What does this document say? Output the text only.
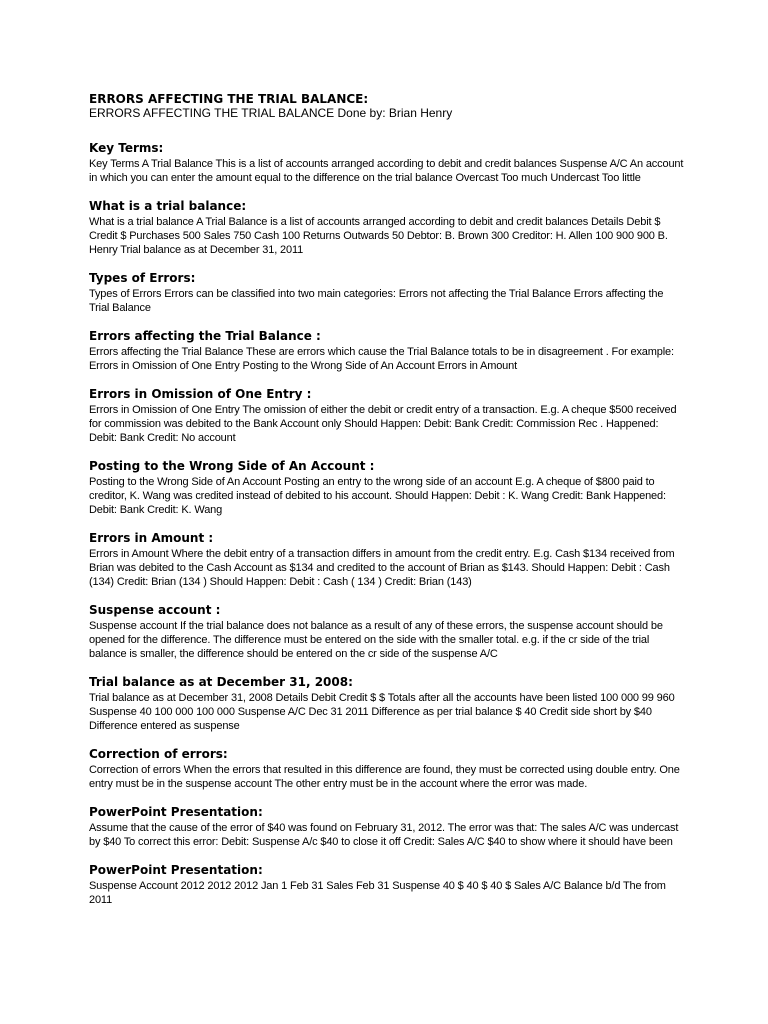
ERRORS AFFECTING THE TRIAL BALANCE:
ERRORS AFFECTING THE TRIAL BALANCE Done by: Brian Henry
Key Terms:

Key Terms A Trial Balance This is a list of accounts arranged according to debit and credit balances Suspense A/C An account in which you can enter the amount equal to the difference on the trial balance Overcast Too much Undercast Too little

What is a trial balance:

What is a trial balance A Trial Balance is a list of accounts arranged according to debit and credit balances Details Debit $ Credit $ Purchases 500 Sales 750 Cash 100 Returns Outwards 50 Debtor: B. Brown 300 Creditor: H. Allen 100 900 900 B. Henry Trial balance as at December 31, 2011

Types of Errors:

Types of Errors Errors can be classified into two main categories: Errors not affecting the Trial Balance Errors affecting the Trial Balance

Errors affecting the Trial Balance :

Errors affecting the Trial Balance These are errors which cause the Trial Balance totals to be in disagreement . For example: Errors in Omission of One Entry Posting to the Wrong Side of An Account Errors in Amount

Errors in Omission of One Entry :

Errors in Omission of One Entry The omission of either the debit or credit entry of a transaction. E.g. A cheque $500 received for commission was debited to the Bank Account only Should Happen: Debit: Bank Credit: Commission Rec . Happened: Debit: Bank Credit: No account

Posting to the Wrong Side of An Account :

Posting to the Wrong Side of An Account Posting an entry to the wrong side of an account E.g. A cheque of $800 paid to creditor, K. Wang was credited instead of debited to his account. Should Happen: Debit : K. Wang Credit: Bank Happened: Debit: Bank Credit: K. Wang

Errors in Amount :

Errors in Amount Where the debit entry of a transaction differs in amount from the credit entry. E.g. Cash $134 received from Brian was debited to the Cash Account as $134 and credited to the account of Brian as $143. Should Happen: Debit : Cash (134) Credit: Brian (134 ) Should Happen: Debit : Cash ( 134 ) Credit: Brian (143)

Suspense account :

Suspense account If the trial balance does not balance as a result of any of these errors, the suspense account should be opened for the difference. The difference must be entered on the side with the smaller total. e.g. if the cr side of the trial balance is smaller, the difference should be entered on the cr side of the suspense A/C

Trial balance as at December 31, 2008:

Trial balance as at December 31, 2008 Details Debit Credit $ $ Totals after all the accounts have been listed 100 000 99 960 Suspense 40 100 000 100 000 Suspense A/C Dec 31 2011 Difference as per trial balance $ 40 Credit side short by $40 Difference entered as suspense

Correction of errors:

Correction of errors When the errors that resulted in this difference are found, they must be corrected using double entry. One entry must be in the suspense account The other entry must be in the account where the error was made.

PowerPoint Presentation:

Assume that the cause of the error of $40 was found on February 31, 2012. The error was that: The sales A/C was undercast by $40 To correct this error: Debit: Suspense A/c $40 to close it off Credit: Sales A/C $40 to show where it should have been

PowerPoint Presentation:

Suspense Account 2012 2012 2012 Jan 1 Feb 31 Sales Feb 31 Suspense 40 $ 40 $ 40 $ Sales A/C Balance b/d The from 2011
